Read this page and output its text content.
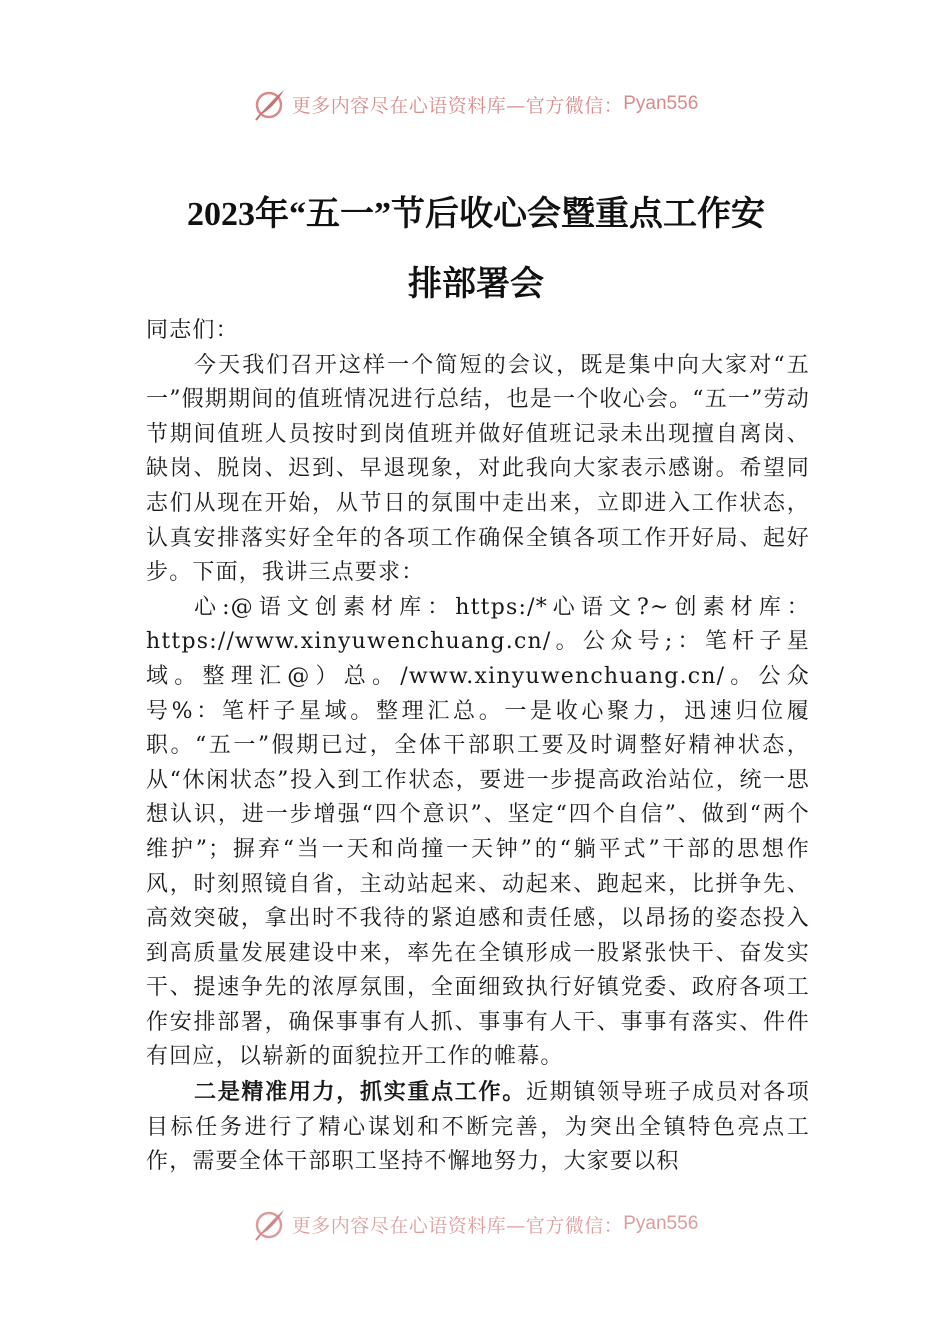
更多内容尽在心语资料库—官方微信： Pyan556
2023年“五一”节后收心会暨重点工作安
排部署会

同志们：

今天我们召开这样一个简短的会议，既是集中向大家对“五一”假期期间的值班情况进行总结，也是一个收心会。“五一”劳动节期间值班人员按时到岗值班并做好值班记录未出现擅自离岗、缺岗、脱岗、迟到、早退现象，对此我向大家表示感谢。希望同志们从现在开始，从节日的氛围中走出来，立即进入工作状态，认真安排落实好全年的各项工作确保全镇各项工作开好局、起好步。下面，我讲三点要求：

心:@语文创素材库：https:/*心语文?~创素材库：https://www.xinyuwenchuang.cn/。公众号;：笔杆子星域。整理汇@）总。/www.xinyuwenchuang.cn/。公众号%：笔杆子星域。整理汇总。一是收心聚力，迅速归位履职。“五一”假期已过，全体干部职工要及时调整好精神状态，从“休闲状态”投入到工作状态，要进一步提高政治站位，统一思想认识，进一步增强“四个意识”、坚定“四个自信”、做到“两个维护”；摒弃“当一天和尚撞一天钟”的“躺平式”干部的思想作风，时刻照镜自省，主动站起来、动起来、跑起来，比拼争先、高效突破，拿出时不我待的紧迫感和责任感，以昂扬的姿态投入到高质量发展建设中来，率先在全镇形成一股紧张快干、奋发实干、提速争先的浓厚氛围，全面细致执行好镇党委、政府各项工作安排部署，确保事事有人抓、事事有人干、事事有落实、件件有回应，以崭新的面貌拉开工作的帷幕。

二是精准用力，抓实重点工作。近期镇领导班子成员对各项目标任务进行了精心谋划和不断完善，为突出全镇特色亮点工作，需要全体干部职工坚持不懈地努力，大家要以积

更多内容尽在心语资料库—官方微信： Pyan556
